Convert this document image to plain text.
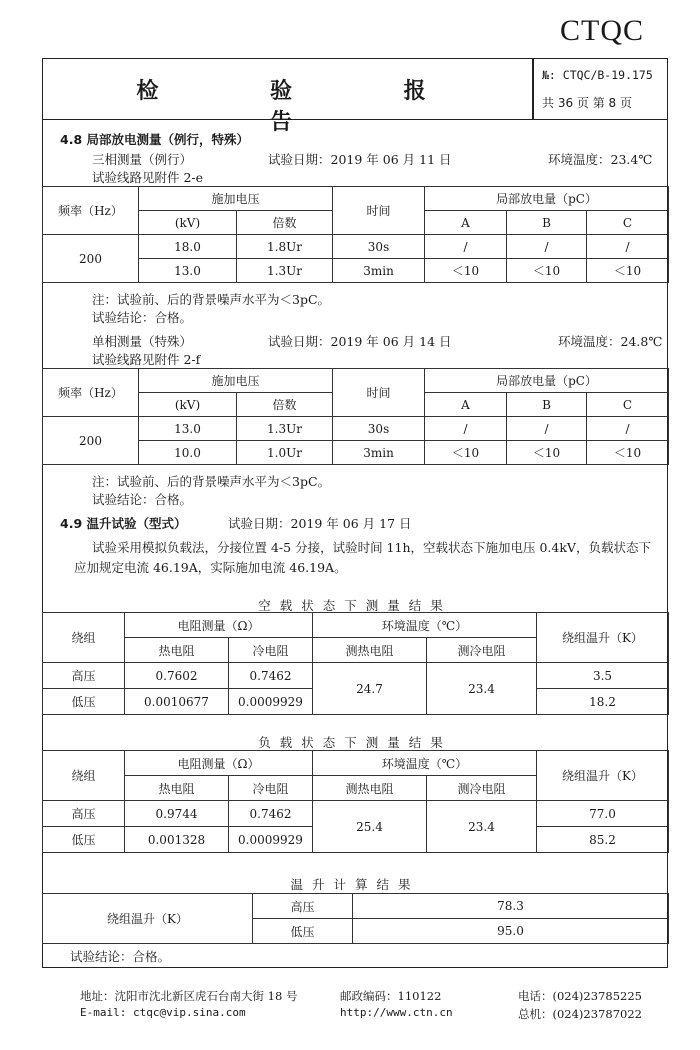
CTQC
检 验 报 告
№: CTQC/B-19.175
共 36 页 第 8 页
4.8 局部放电测量（例行，特殊）
三相测量（例行）	试验日期：2019 年 06 月 11 日	环境温度：23.4℃
试验线路见附件 2-e
频率（Hz）	施加电压		时间	局部放电量（pC）		
	(kV)	倍数		A	B	C
200	18.0	1.8Ur	30s	/	/	/
	13.0	1.3Ur	3min	＜10	＜10	＜10
注：试验前、后的背景噪声水平为＜3pC。
试验结论：合格。
单相测量（特殊）	试验日期：2019 年 06 月 14 日	环境温度：24.8℃
试验线路见附件 2-f
频率（Hz）	施加电压		时间	局部放电量（pC）		
	(kV)	倍数		A	B	C
200	13.0	1.3Ur	30s	/	/	/
	10.0	1.0Ur	3min	＜10	＜10	＜10
注：试验前、后的背景噪声水平为＜3pC。
试验结论：合格。
4.9 温升试验（型式）	试验日期：2019 年 06 月 17 日
试验采用模拟负载法，分接位置 4-5 分接，试验时间 11h，空载状态下施加电压 0.4kV，负载状态下
应加规定电流 46.19A，实际施加电流 46.19A。
空载状态下测量结果
绕组	电阻测量（Ω）		环境温度（℃）		绕组温升（K）
	热电阻	冷电阻	测热电阻	测冷电阻	
高压	0.7602	0.7462	24.7	23.4	3.5
低压	0.0010677	0.0009929			18.2
负载状态下测量结果
绕组	电阻测量（Ω）		环境温度（℃）		绕组温升（K）
	热电阻	冷电阻	测热电阻	测冷电阻	
高压	0.9744	0.7462	25.4	23.4	77.0
低压	0.001328	0.0009929			85.2
温升计算结果
绕组温升（K）	高压	78.3
	低压	95.0
试验结论：合格。
地址：沈阳市沈北新区虎石台南大街 18 号	邮政编码：110122	电话：(024)23785225
E-mail: ctqc@vip.sina.com	http://www.ctn.cn	总机：(024)23787022
